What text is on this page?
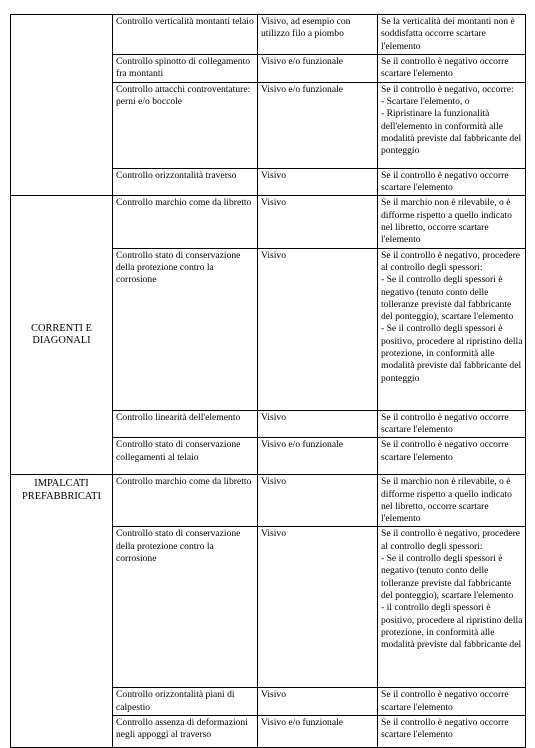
	Controllo verticalità montanti telaio	Visivo, ad esempio con utilizzo filo a piombo	Se la verticalità dei montanti non è soddisfatta occorre scartare l'elemento
	Controllo spinotto di collegamento fra montanti	Visivo e/o funzionale	Se il controllo è negativo occorre scartare l'elemento
	Controllo attacchi controventature: perni e/o boccole	Visivo e/o funzionale	Se il controllo è negativo, occorre:
- Scartare l'elemento, o
- Ripristinare la funzionalità dell'elemento in conformità alle modalità previste dal fabbricante del ponteggio
	Controllo orizzontalità traverso	Visivo	Se il controllo è negativo occorre scartare l'elemento
CORRENTI E DIAGONALI	Controllo marchio come da libretto	Visivo	Se il marchio non è rilevabile, o è difforme rispetto a quello indicato nel libretto, occorre scartare l'elemento
	Controllo stato di conservazione della protezione contro la corrosione	Visivo	Se il controllo è negativo, procedere al controllo degli spessori:
- Se il controllo degli spessori è negativo (tenuto conto delle tolleranze previste dal fabbricante del ponteggio), scartare l'elemento
- Se il controllo degli spessori è positivo, procedere al ripristino della protezione, in conformità alle modalità previste dal fabbricante del ponteggio
	Controllo linearità dell'elemento	Visivo	Se il controllo è negativo occorre scartare l'elemento
	Controllo stato di conservazione collegamenti al telaio	Visivo e/o funzionale	Se il controllo è negativo occorre scartare l'elemento
IMPALCATI PREFABBRICATI	Controllo marchio come da libretto	Visivo	Se il marchio non è rilevabile, o è difforme rispetto a quello indicato nel libretto, occorre scartare l'elemento
	Controllo stato di conservazione della protezione contro la corrosione	Visivo	Se il controllo è negativo, procedere al controllo degli spessori:
- Se il controllo degli spessori è negativo (tenuto conto delle tolleranze previste dal fabbricante del ponteggio), scartare l'elemento
- il controllo degli spessori è positivo, procedere al ripristino della protezione, in conformità alle modalità previste dal fabbricante del
	Controllo orizzontalità piani di calpestio	Visivo	Se il controllo è negativo occorre scartare l'elemento
	Controllo assenza di deformazioni negli appoggi al traverso	Visivo e/o funzionale	Se il controllo è negativo occorre scartare l'elemento
